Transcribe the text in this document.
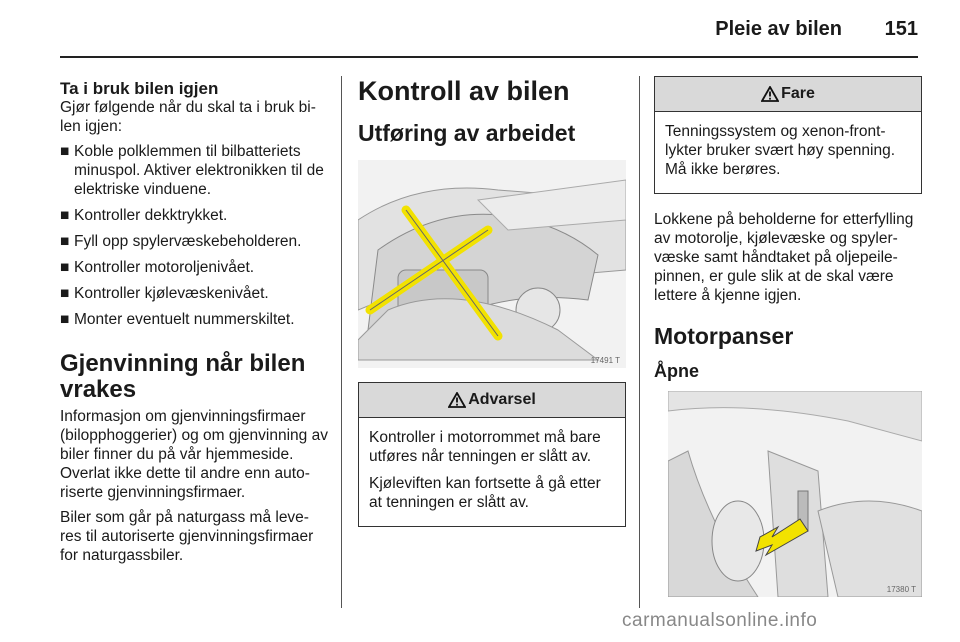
Pleie av bilen 151
Ta i bruk bilen igjen

Gjør følgende når du skal ta i bruk bi-len igjen:

■ Koble polklemmen til bilbatteriets minuspol. Aktiver elektronikken til de elektriske vinduene.
■ Kontroller dekktrykket.
■ Fyll opp spylervæskebeholderen.
■ Kontroller motoroljenivået.
■ Kontroller kjølevæskenivået.
■ Monter eventuelt nummerskiltet.
Gjenvinning når bilen vrakes

Informasjon om gjenvinningsfirmaer (bilopphoggerier) og om gjenvinning av biler finner du på vår hjemmeside. Overlat ikke dette til andre enn auto-riserte gjenvinningsfirmaer.

Biler som går på naturgass må leve-res til autoriserte gjenvinningsfirmaer for naturgassbiler.

Kontroll av bilen
Utføring av arbeidet
17491 T
Advarsel

Kontroller i motorrommet må bare utføres når tenningen er slått av.

Kjøleviften kan fortsette å gå etter at tenningen er slått av.

Fare

Tenningssystem og xenon-front-lykter bruker svært høy spenning. Må ikke berøres.

Lokkene på beholderne for etterfylling av motorolje, kjølevæske og spyler-væske samt håndtaket på oljepeile-pinnen, er gule slik at de skal være lettere å kjenne igjen.

Motorpanser
Åpne
17380 T
carmanualsonline.info
